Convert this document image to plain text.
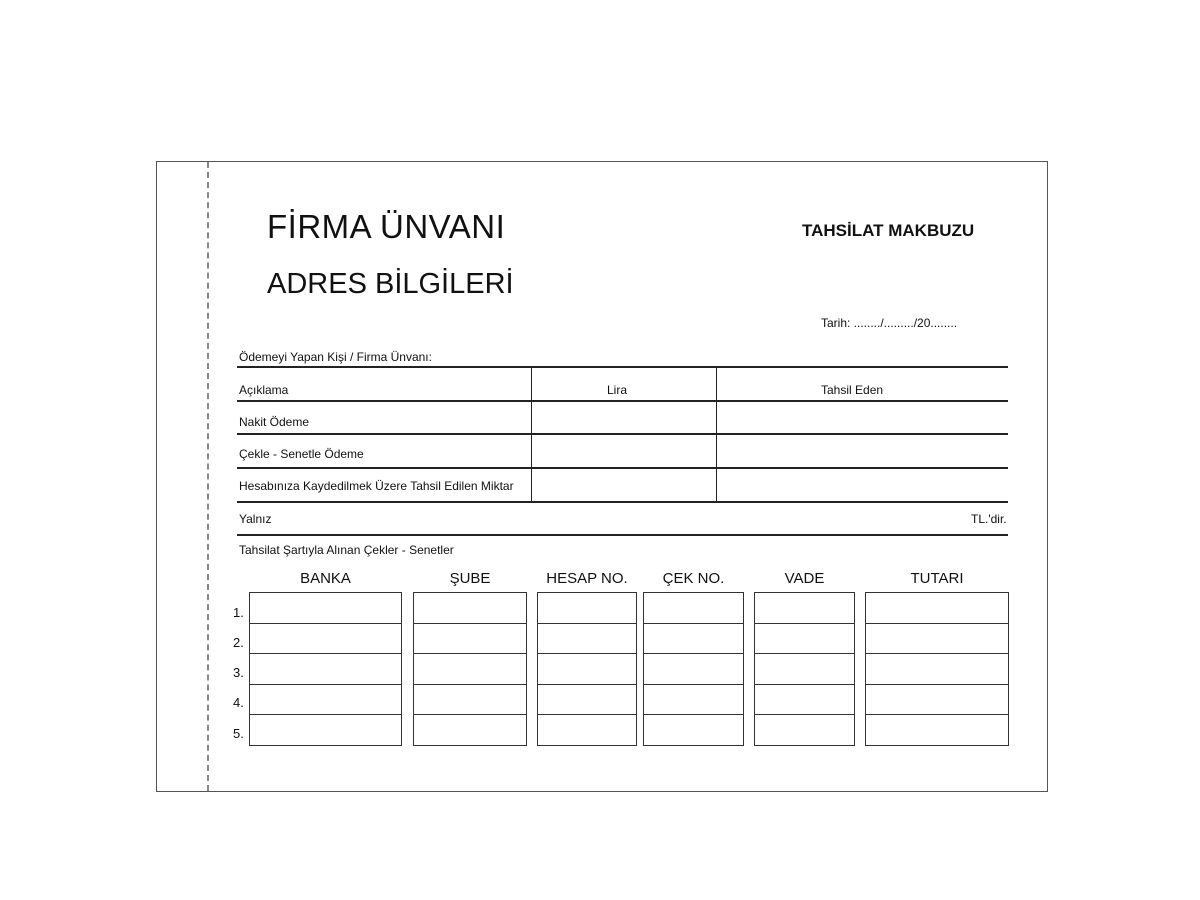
FİRMA ÜNVANI
ADRES BİLGİLERİ
TAHSİLAT MAKBUZU
Tarih: ......../........./20........
Ödemeyi Yapan Kişi / Firma Ünvanı:
Açıklama	Lira	Tahsil Eden
Nakit Ödeme
Çekle - Senetle Ödeme
Hesabınıza Kaydedilmek Üzere Tahsil Edilen Miktar
Yalnız	TL.'dir.
Tahsilat Şartıyla Alınan Çekler - Senetler
BANKA	ŞUBE	HESAP NO.	ÇEK NO.	VADE	TUTARI
1.
2.
3.
4.
5.
